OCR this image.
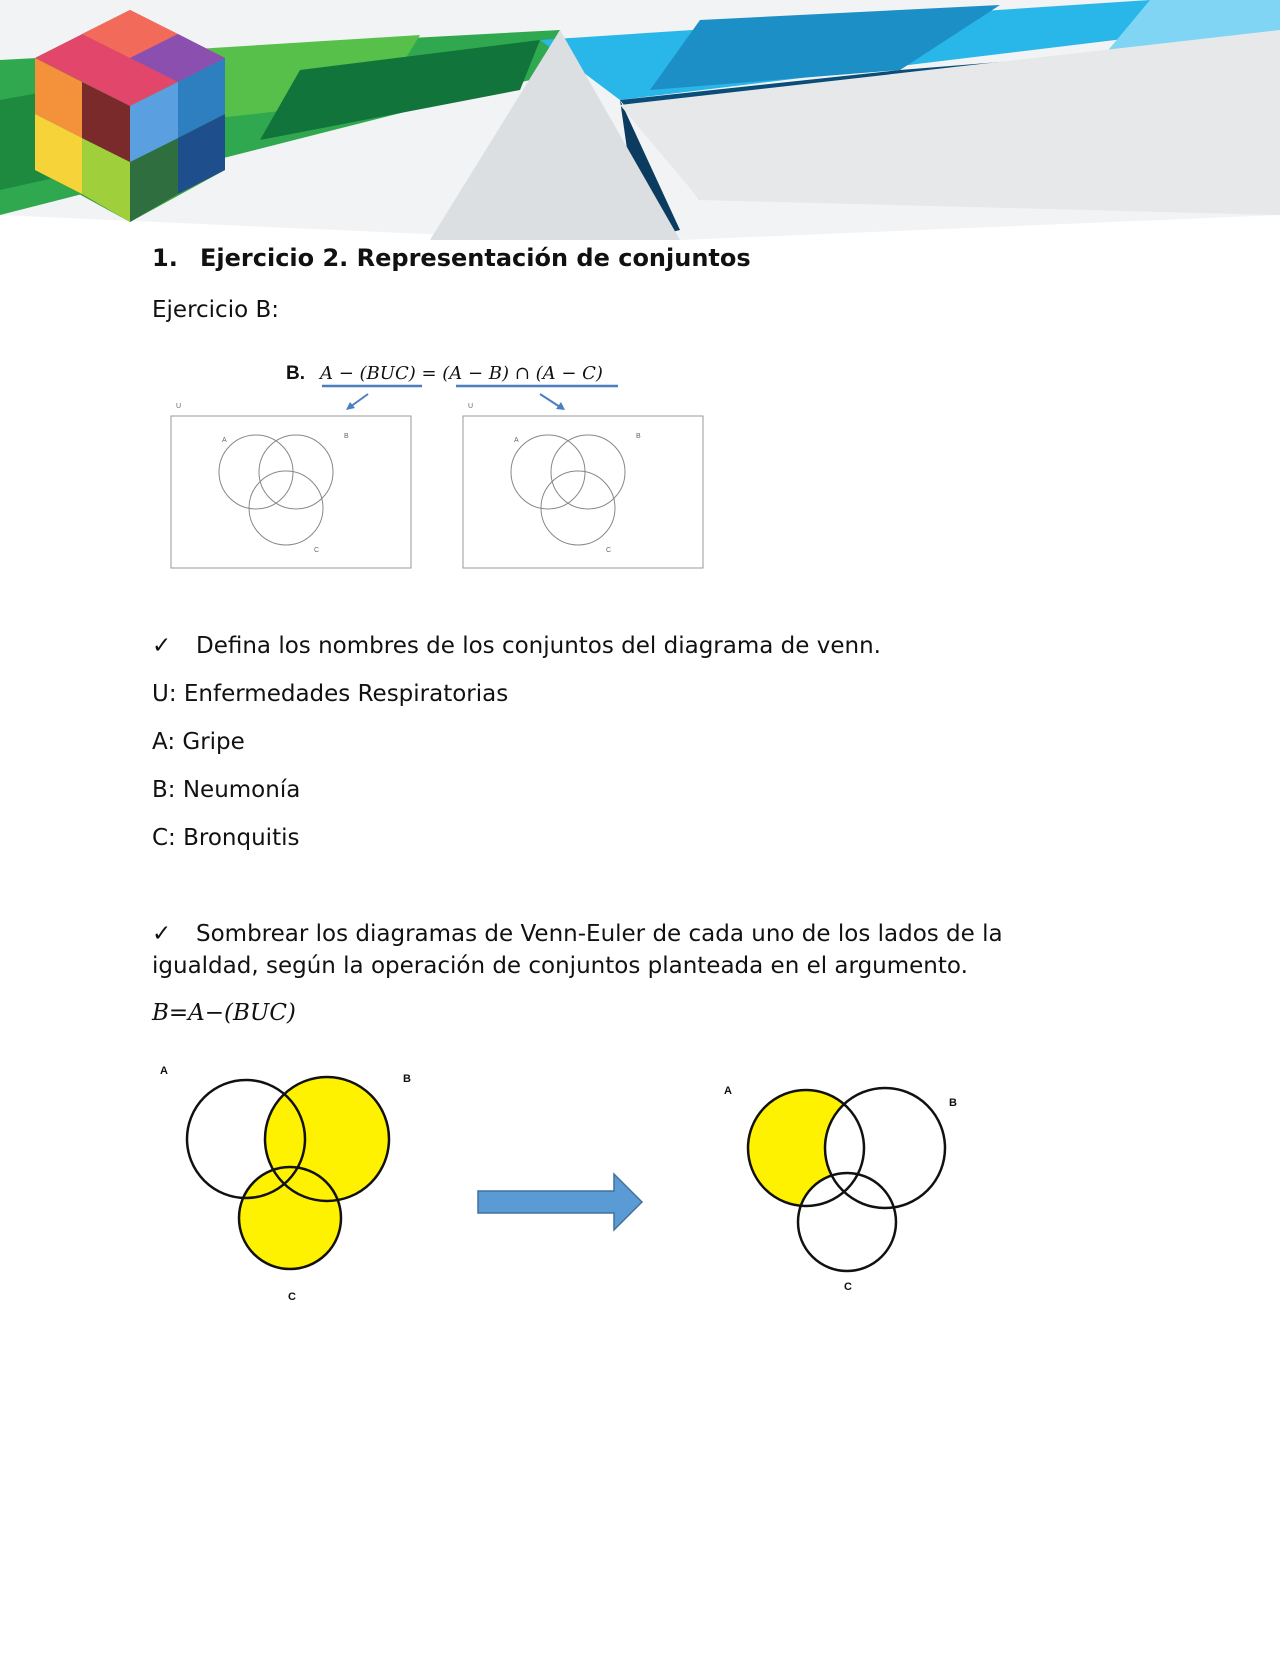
1. Ejercicio 2. Representación de conjuntos

Ejercicio B:

B. A − (BUC) = (A − B) ∩ (A − C)
U
A
B
C
U
A
B
C

✓ Defina los nombres de los conjuntos del diagrama de venn.

U: Enfermedades Respiratorias

A: Gripe

B: Neumonía

C: Bronquitis

✓ Sombrear los diagramas de Venn-Euler de cada uno de los lados de la igualdad, según la operación de conjuntos planteada en el argumento.

B=A−(BUC)

A
B
C
A
B
C
